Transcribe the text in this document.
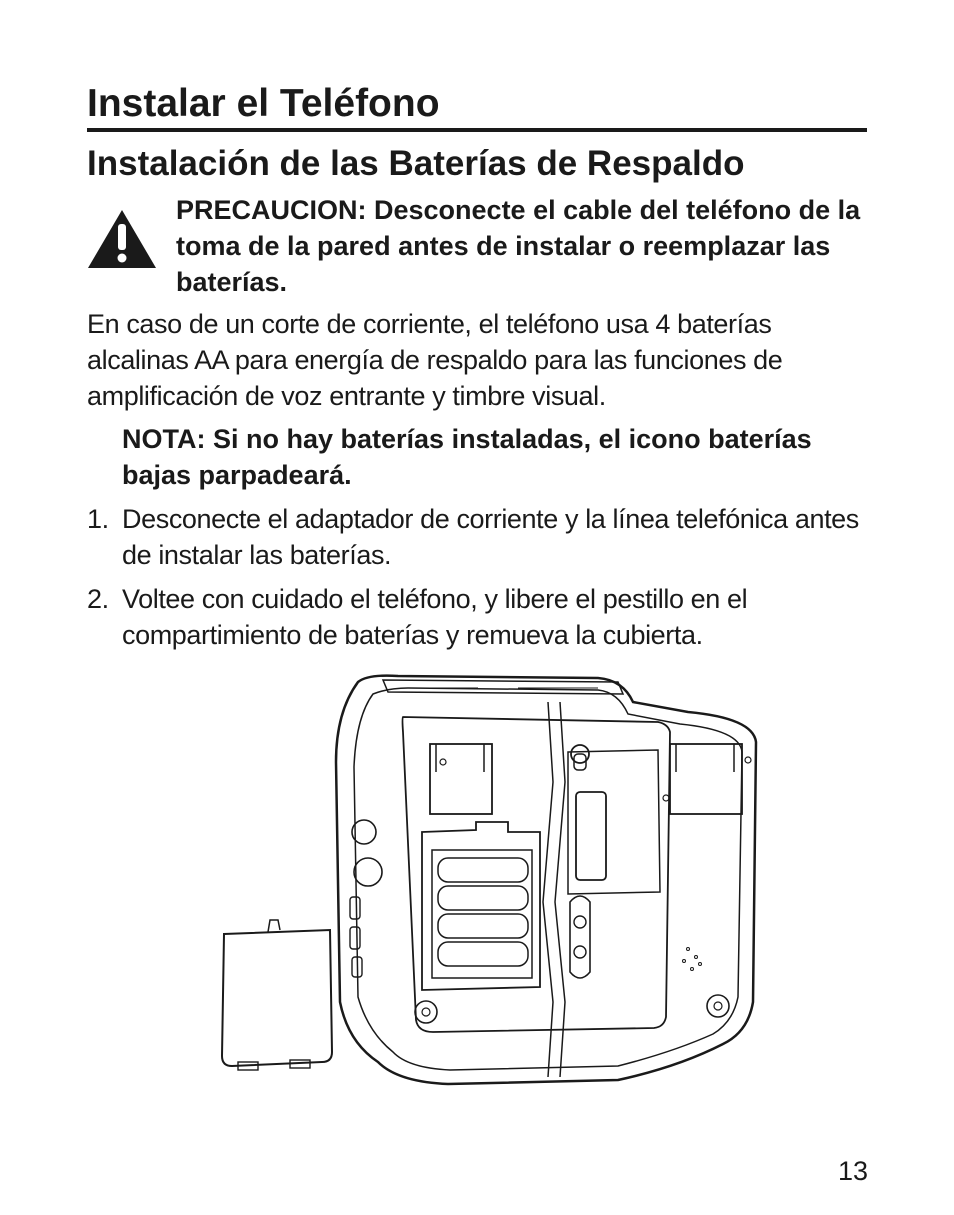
Instalar el Teléfono
Instalación de las Baterías de Respaldo

PRECAUCION: Desconecte el cable del teléfono de la toma de la pared antes de instalar o reemplazar las baterías.

En caso de un corte de corriente, el teléfono usa 4 baterías alcalinas AA para energía de respaldo para las funciones de amplificación de voz entrante y timbre visual.

NOTA: Si no hay baterías instaladas, el icono baterías bajas parpadeará.

1. Desconecte el adaptador de corriente y la línea telefónica antes de instalar las baterías.
2. Voltee con cuidado el teléfono, y libere el pestillo en el compartimiento de baterías y remueva la cubierta.

13
